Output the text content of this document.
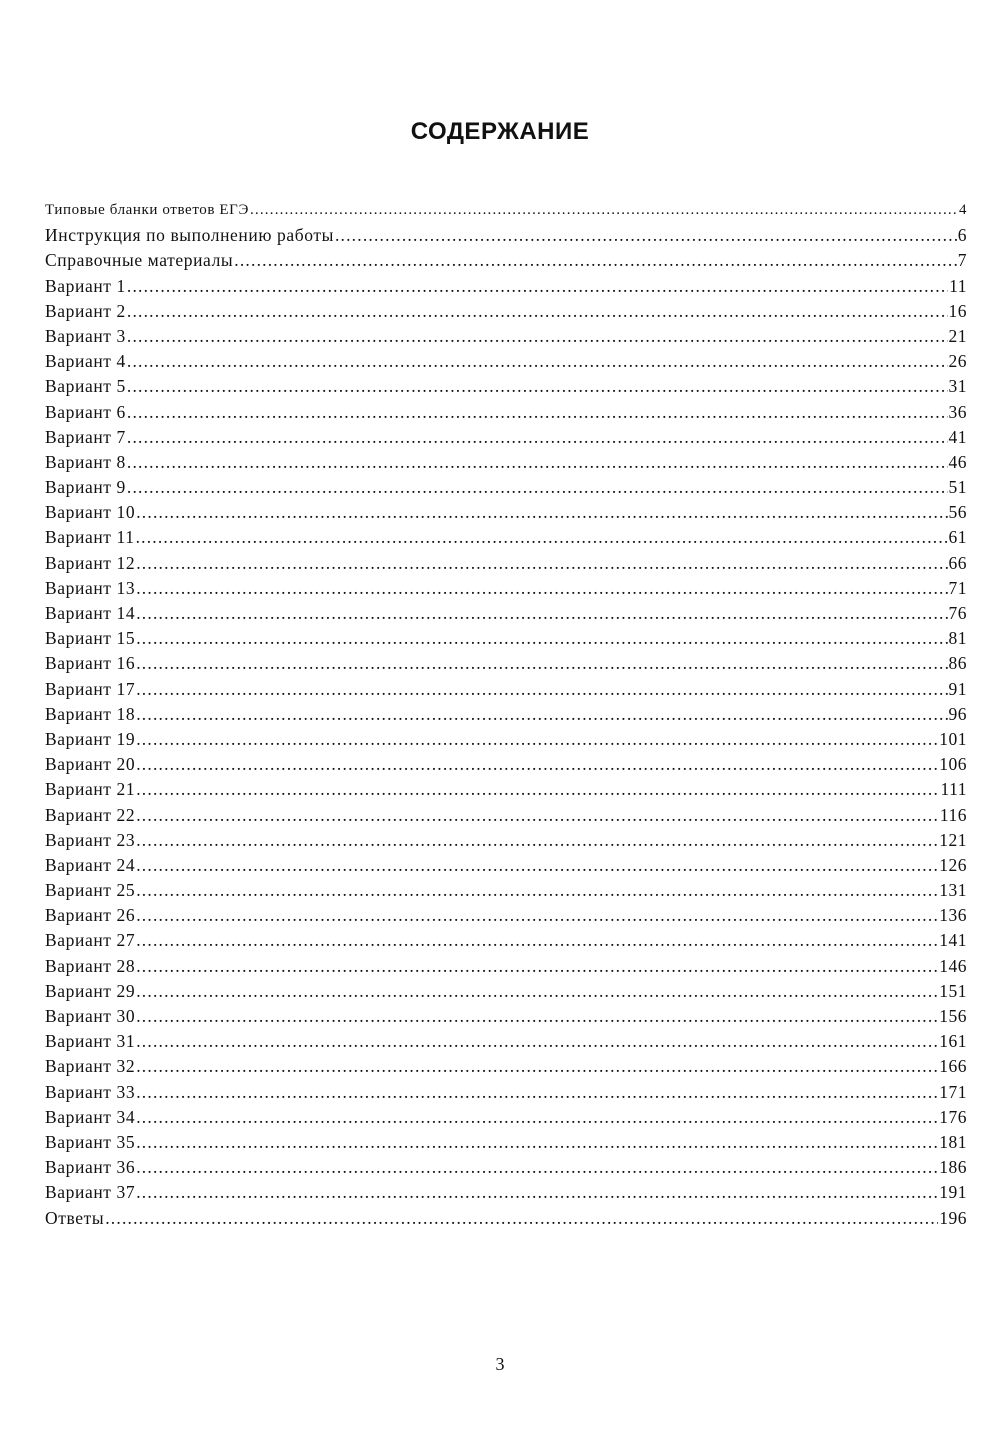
СОДЕРЖАНИЕ
Типовые бланки ответов ЕГЭ .....	4
Инструкция по выполнению работы .....	6
Справочные материалы .....	7
Вариант 1 .....	11
Вариант 2 .....	16
Вариант 3 .....	21
Вариант 4 .....	26
Вариант 5 .....	31
Вариант 6 .....	36
Вариант 7 .....	41
Вариант 8 .....	46
Вариант 9 .....	51
Вариант 10 .....	56
Вариант 11 .....	61
Вариант 12 .....	66
Вариант 13 .....	71
Вариант 14 .....	76
Вариант 15 .....	81
Вариант 16 .....	86
Вариант 17 .....	91
Вариант 18 .....	96
Вариант 19 .....	101
Вариант 20 .....	106
Вариант 21 .....	111
Вариант 22 .....	116
Вариант 23 .....	121
Вариант 24 .....	126
Вариант 25 .....	131
Вариант 26 .....	136
Вариант 27 .....	141
Вариант 28 .....	146
Вариант 29 .....	151
Вариант 30 .....	156
Вариант 31 .....	161
Вариант 32 .....	166
Вариант 33 .....	171
Вариант 34 .....	176
Вариант 35 .....	181
Вариант 36 .....	186
Вариант 37 .....	191
Ответы .....	196
3
